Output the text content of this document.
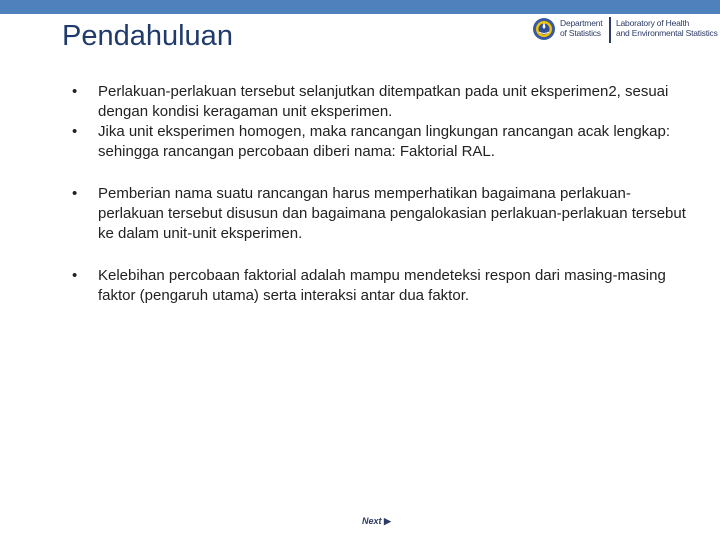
Pendahuluan	Department
of Statistics
Laboratory of Health
and Environmental Statistics
•	Perlakuan-perlakuan tersebut selanjutkan ditempatkan pada unit eksperimen2, sesuai dengan kondisi keragaman unit eksperimen.
•	Jika unit eksperimen homogen, maka rancangan lingkungan rancangan acak lengkap: sehingga rancangan percobaan diberi nama: Faktorial RAL.
•	Pemberian nama suatu rancangan harus memperhatikan bagaimana perlakuan-perlakuan tersebut disusun dan bagaimana pengalokasian perlakuan-perlakuan tersebut ke dalam unit-unit eksperimen.
•	Kelebihan percobaan faktorial adalah mampu mendeteksi respon dari masing-masing faktor (pengaruh utama) serta interaksi antar dua faktor.
Next ▶
